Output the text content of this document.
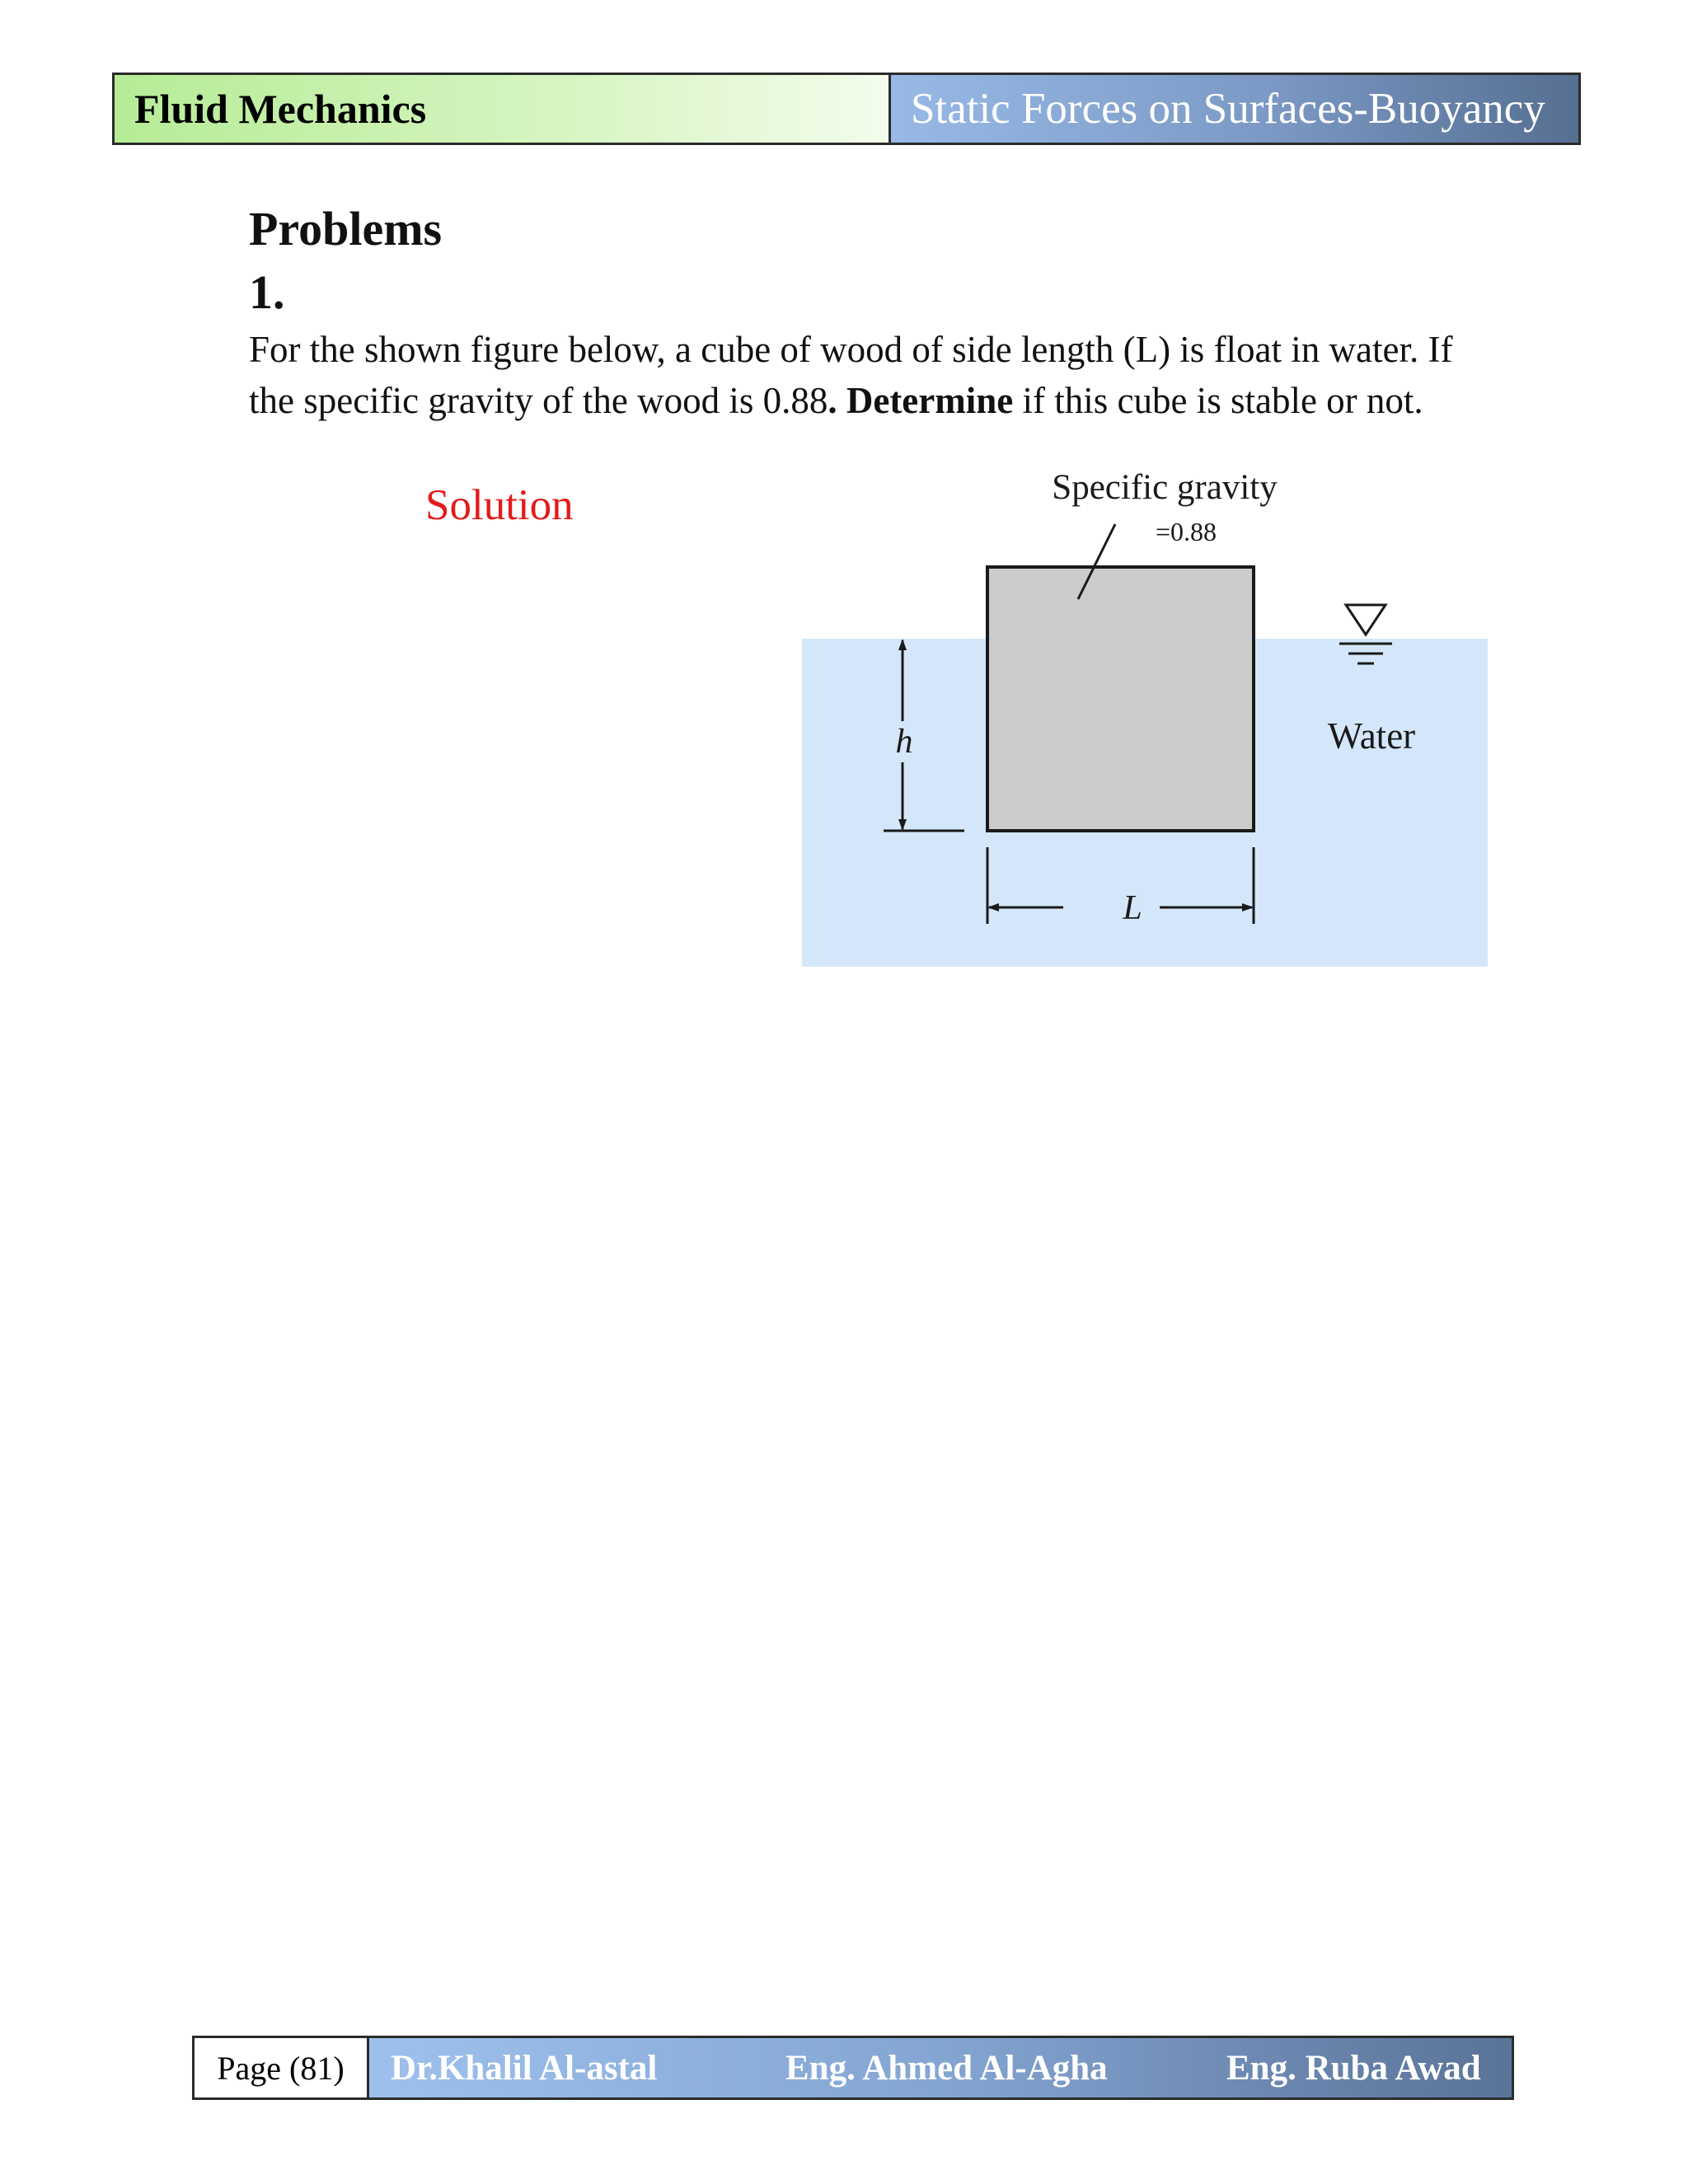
Fluid Mechanics	Static Forces on Surfaces-Buoyancy
Problems
1.

For the shown figure below, a cube of wood of side length (L) is float in water. If the specific gravity of the wood is 0.88. Determine if this cube is stable or not.

Solution	Specific gravity
=0.88
Water
h
L
Page (81)	Dr.Khalil Al-astal	Eng. Ahmed Al-Agha	Eng. Ruba Awad
